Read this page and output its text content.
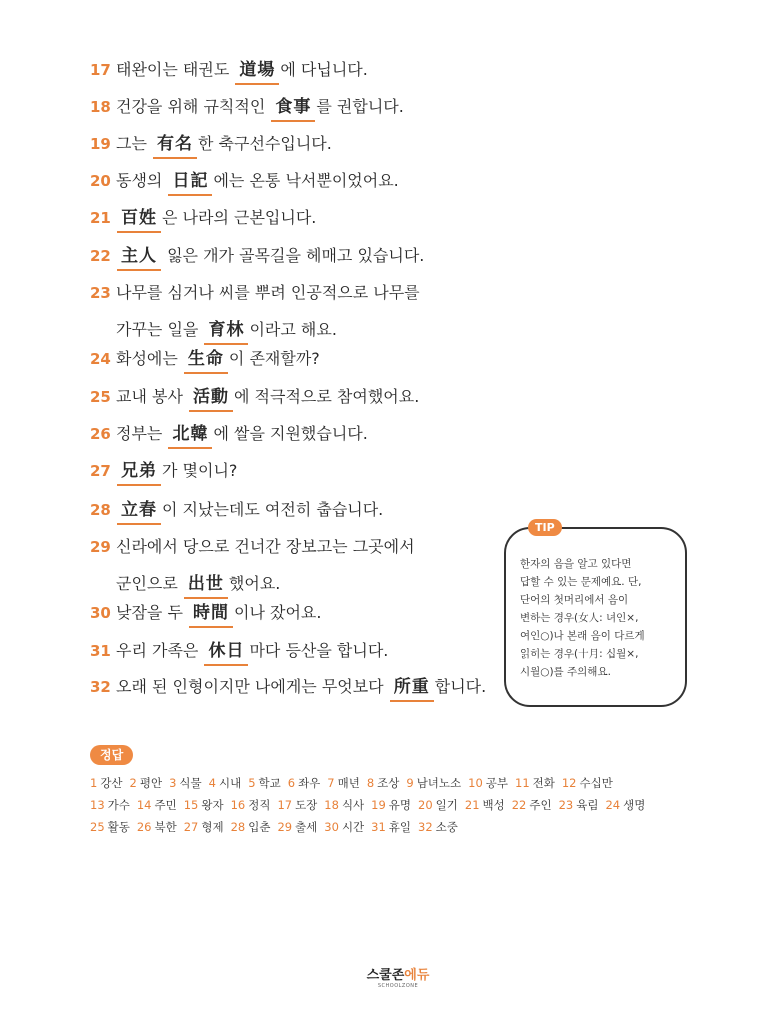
17 태완이는 태권도 道場 에 다닙니다.
18 건강을 위해 규칙적인 食事 를 권합니다.
19 그는 有名 한 축구선수입니다.
20 동생의 日記 에는 온통 낙서뿐이었어요.
21 百姓 은 나라의 근본입니다.
22 主人 잃은 개가 골목길을 헤매고 있습니다.
23 나무를 심거나 씨를 뿌려 인공적으로 나무를
가꾸는 일을 育林 이라고 해요.
24 화성에는 生命 이 존재할까?
25 교내 봉사 活動 에 적극적으로 참여했어요.
26 정부는 北韓 에 쌀을 지원했습니다.
27 兄弟 가 몇이니?
28 立春 이 지났는데도 여전히 춥습니다.
29 신라에서 당으로 건너간 장보고는 그곳에서
군인으로 出世 했어요.
30 낮잠을 두 時間 이나 잤어요.
31 우리 가족은 休日 마다 등산을 합니다.
32 오래 된 인형이지만 나에게는 무엇보다 所重 합니다.
TIP
한자의 음을 알고 있다면
답할 수 있는 문제예요. 단,
단어의 첫머리에서 음이
변하는 경우(女人: 녀인×,
여인○)나 본래 음이 다르게
읽히는 경우(十月: 십월×,
시월○)를 주의해요.
정답
1 강산 2 평안 3 식물 4 시내 5 학교 6 좌우 7 매년 8 조상 9 남녀노소 10 공부 11 전화 12 수십만
13 가수 14 주민 15 왕자 16 정직 17 도장 18 식사 19 유명 20 일기 21 백성 22 주인 23 육림 24 생명
25 활동 26 북한 27 형제 28 입춘 29 출세 30 시간 31 휴일 32 소중
스쿨존에듀
SCHOOLZONE
